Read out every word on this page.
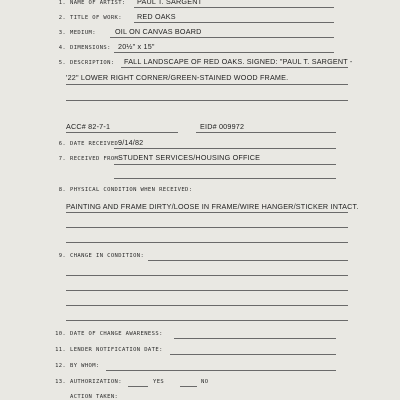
1. NAME OF ARTIST: PAUL T. SARGENT
2. TITLE OF WORK: RED OAKS
3. MEDIUM:	OIL ON CANVAS BOARD
4. DIMENSIONS: 20½" x 15"
5. DESCRIPTION: FALL LANDSCAPE OF RED OAKS. SIGNED: "PAUL T. SARGENT -
'22" LOWER RIGHT CORNER/GREEN-STAINED WOOD FRAME.
ACC# 82-7-1	EID# 009972
6. DATE RECEIVED:
9/14/82
7. RECEIVED FROM:
STUDENT SERVICES/HOUSING OFFICE
8. PHYSICAL CONDITION WHEN RECEIVED:
PAINTING AND FRAME DIRTY/LOOSE IN FRAME/WIRE HANGER/STICKER INTACT.
9. CHANGE IN CONDITION:
10. DATE OF CHANGE AWARENESS:
11. LENDER NOTIFICATION DATE:
12. BY WHOM:
13. AUTHORIZATION:	YES	NO
ACTION TAKEN:
